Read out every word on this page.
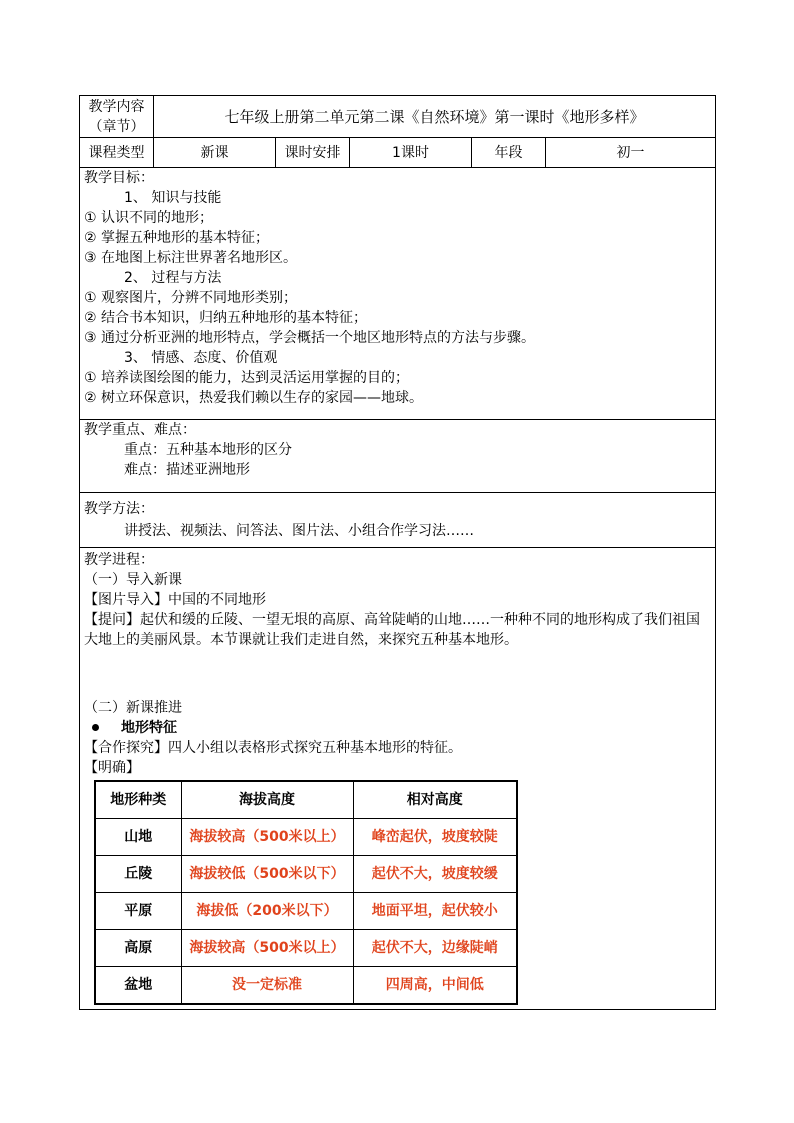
教学内容
（章节）
	七年级上册第二单元第二课《自然环境》第一课时《地形多样》
课程类型	新课	课时安排	1课时	年段	初一

教学目标：
1、 知识与技能
① 认识不同的地形；
② 掌握五种地形的基本特征；
③ 在地图上标注世界著名地形区。
2、 过程与方法
① 观察图片，分辨不同地形类别；
② 结合书本知识，归纳五种地形的基本特征；
③ 通过分析亚洲的地形特点，学会概括一个地区地形特点的方法与步骤。
3、 情感、态度、价值观
① 培养读图绘图的能力，达到灵活运用掌握的目的；
② 树立环保意识，热爱我们赖以生存的家园——地球。

教学重点、难点：
重点：五种基本地形的区分
难点：描述亚洲地形

教学方法：
讲授法、视频法、问答法、图片法、小组合作学习法……

教学进程：
（一）导入新课
【图片导入】中国的不同地形
【提问】起伏和缓的丘陵、一望无垠的高原、高耸陡峭的山地……一种种不同的地形构成了我们祖国大地上的美丽风景。本节课就让我们走进自然，来探究五种基本地形。
（二）新课推进
地形特征
【合作探究】四人小组以表格形式探究五种基本地形的特征。
【明确】
地形种类	海拔高度	相对高度
山地	海拔较高（500米以上）	峰峦起伏，坡度较陡
丘陵	海拔较低（500米以下）	起伏不大，坡度较缓
平原	海拔低（200米以下）	地面平坦，起伏较小
高原	海拔较高（500米以上）	起伏不大，边缘陡峭
盆地	没一定标准	四周高，中间低
